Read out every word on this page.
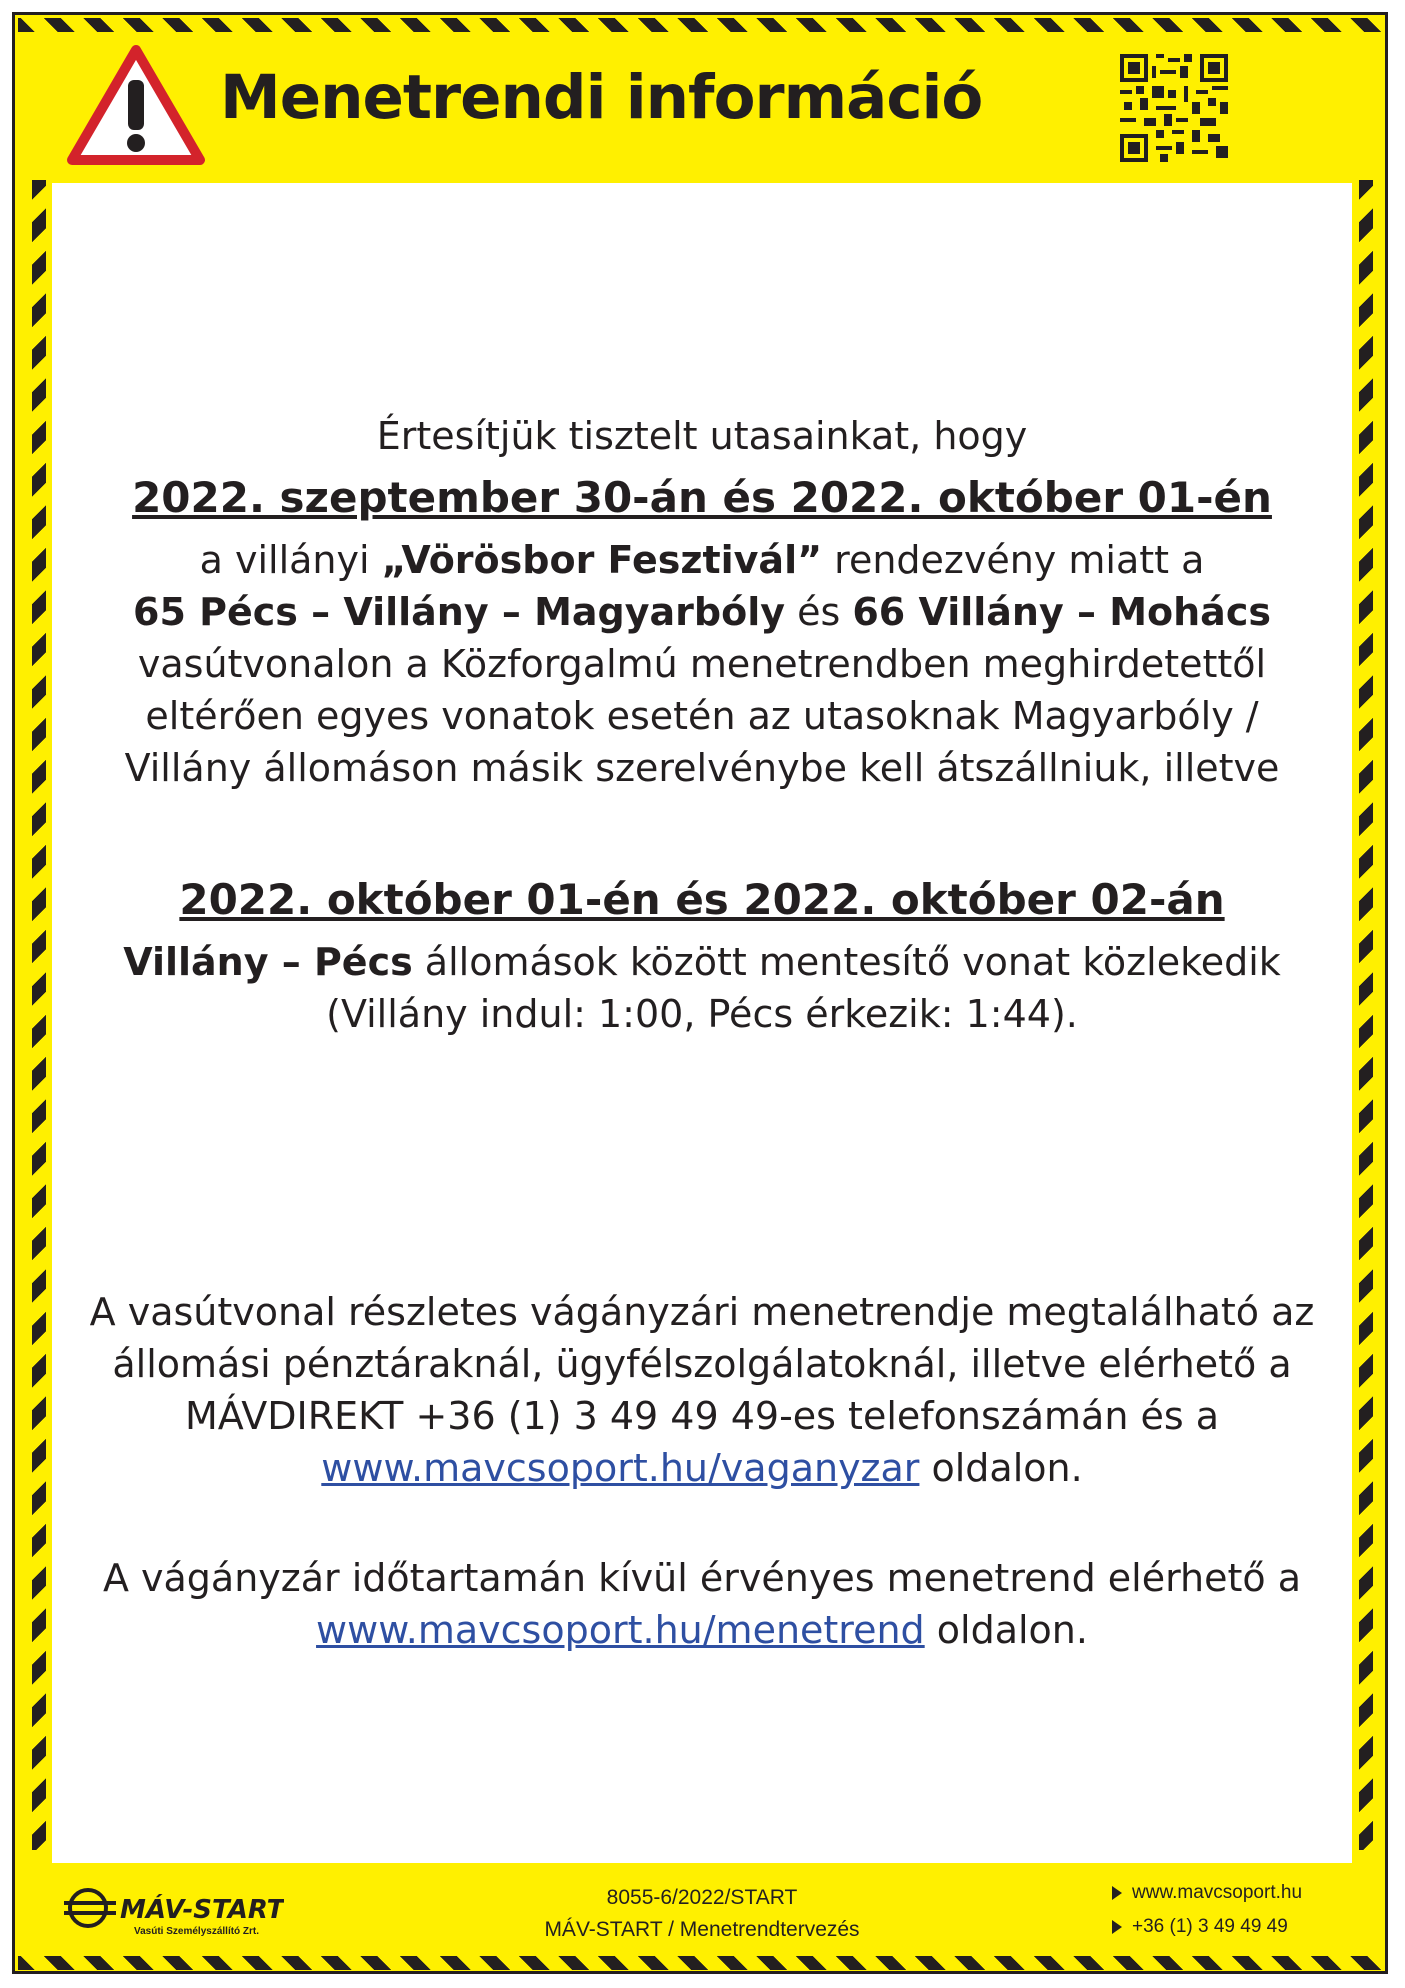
Menetrendi információ

Értesítjük tisztelt utasainkat, hogy

2022. szeptember 30-án és 2022. október 01-én

a villányi „Vörösbor Fesztivál” rendezvény miatt a

65 Pécs – Villány – Magyarbóly és 66 Villány – Mohács

vasútvonalon a Közforgalmú menetrendben meghirdetettől

eltérően egyes vonatok esetén az utasoknak Magyarbóly /

Villány állomáson másik szerelvénybe kell átszállniuk, illetve

2022. október 01-én és 2022. október 02-án

Villány – Pécs állomások között mentesítő vonat közlekedik

(Villány indul: 1:00, Pécs érkezik: 1:44).

A vasútvonal részletes vágányzári menetrendje megtalálható az

állomási pénztáraknál, ügyfélszolgálatoknál, illetve elérhető a

MÁVDIREKT +36 (1) 3 49 49 49-es telefonszámán és a

www.mavcsoport.hu/vaganyzar oldalon.

A vágányzár időtartamán kívül érvényes menetrend elérhető a

www.mavcsoport.hu/menetrend oldalon.

MÁV-START
Vasúti Személyszállító Zrt.
8055-6/2022/START
MÁV-START / Menetrendtervezés
www.mavcsoport.hu
+36 (1) 3 49 49 49
